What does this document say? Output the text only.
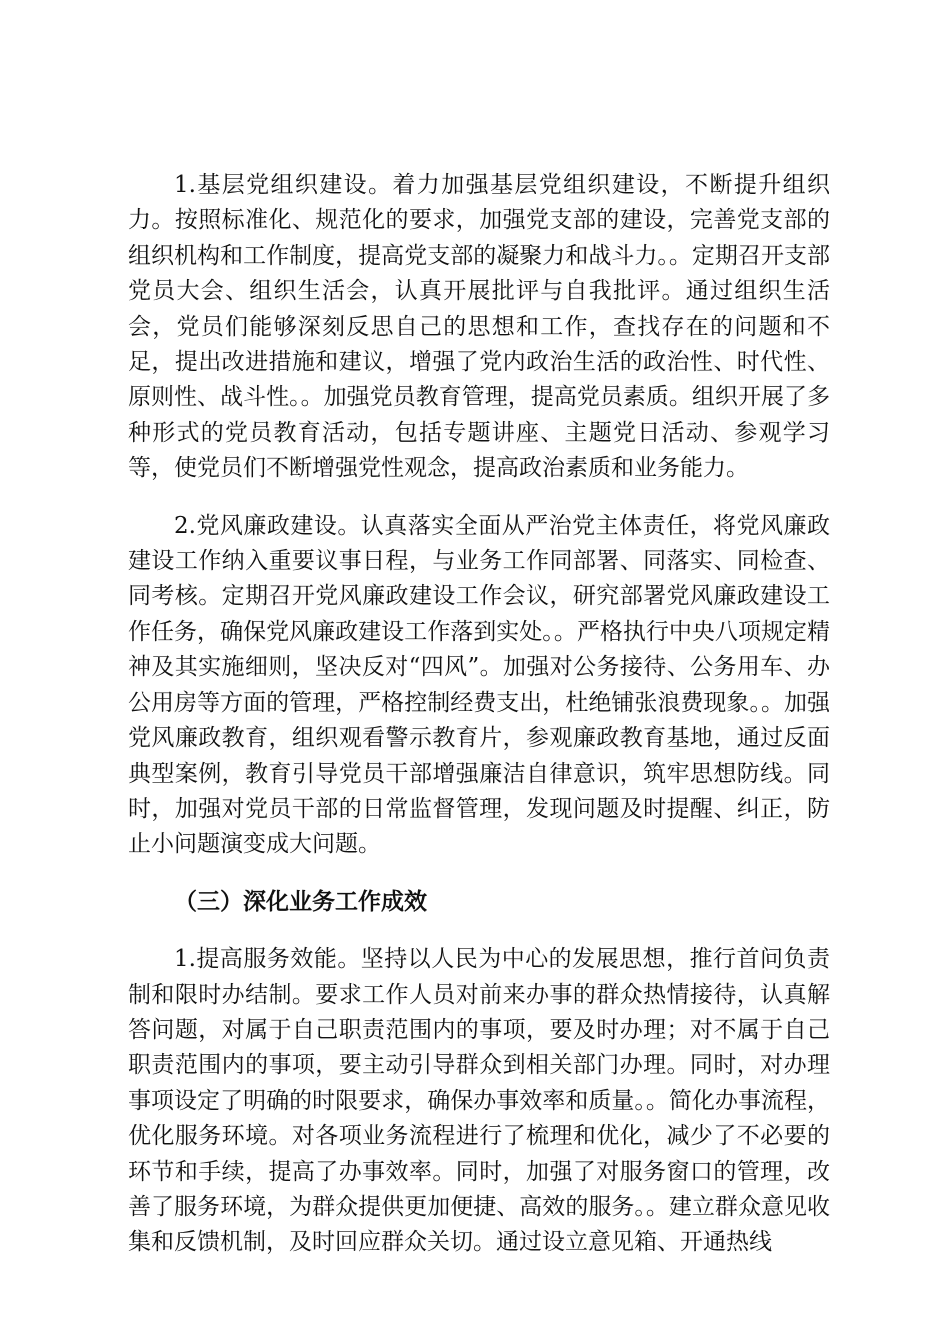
1.基层党组织建设。着力加强基层党组织建设，不断提升组织力。按照标准化、规范化的要求，加强党支部的建设，完善党支部的组织机构和工作制度，提高党支部的凝聚力和战斗力。。定期召开支部党员大会、组织生活会，认真开展批评与自我批评。通过组织生活会，党员们能够深刻反思自己的思想和工作，查找存在的问题和不足，提出改进措施和建议，增强了党内政治生活的政治性、时代性、原则性、战斗性。。加强党员教育管理，提高党员素质。组织开展了多种形式的党员教育活动，包括专题讲座、主题党日活动、参观学习等，使党员们不断增强党性观念，提高政治素质和业务能力。

2.党风廉政建设。认真落实全面从严治党主体责任，将党风廉政建设工作纳入重要议事日程，与业务工作同部署、同落实、同检查、同考核。定期召开党风廉政建设工作会议，研究部署党风廉政建设工作任务，确保党风廉政建设工作落到实处。。严格执行中央八项规定精神及其实施细则，坚决反对“四风”。加强对公务接待、公务用车、办公用房等方面的管理，严格控制经费支出，杜绝铺张浪费现象。。加强党风廉政教育，组织观看警示教育片，参观廉政教育基地，通过反面典型案例，教育引导党员干部增强廉洁自律意识，筑牢思想防线。同时，加强对党员干部的日常监督管理，发现问题及时提醒、纠正，防止小问题演变成大问题。

（三）深化业务工作成效

1.提高服务效能。坚持以人民为中心的发展思想，推行首问负责制和限时办结制。要求工作人员对前来办事的群众热情接待，认真解答问题，对属于自己职责范围内的事项，要及时办理；对不属于自己职责范围内的事项，要主动引导群众到相关部门办理。同时，对办理事项设定了明确的时限要求，确保办事效率和质量。。简化办事流程，优化服务环境。对各项业务流程进行了梳理和优化，减少了不必要的环节和手续，提高了办事效率。同时，加强了对服务窗口的管理，改善了服务环境，为群众提供更加便捷、高效的服务。。建立群众意见收集和反馈机制，及时回应群众关切。通过设立意见箱、开通热线
